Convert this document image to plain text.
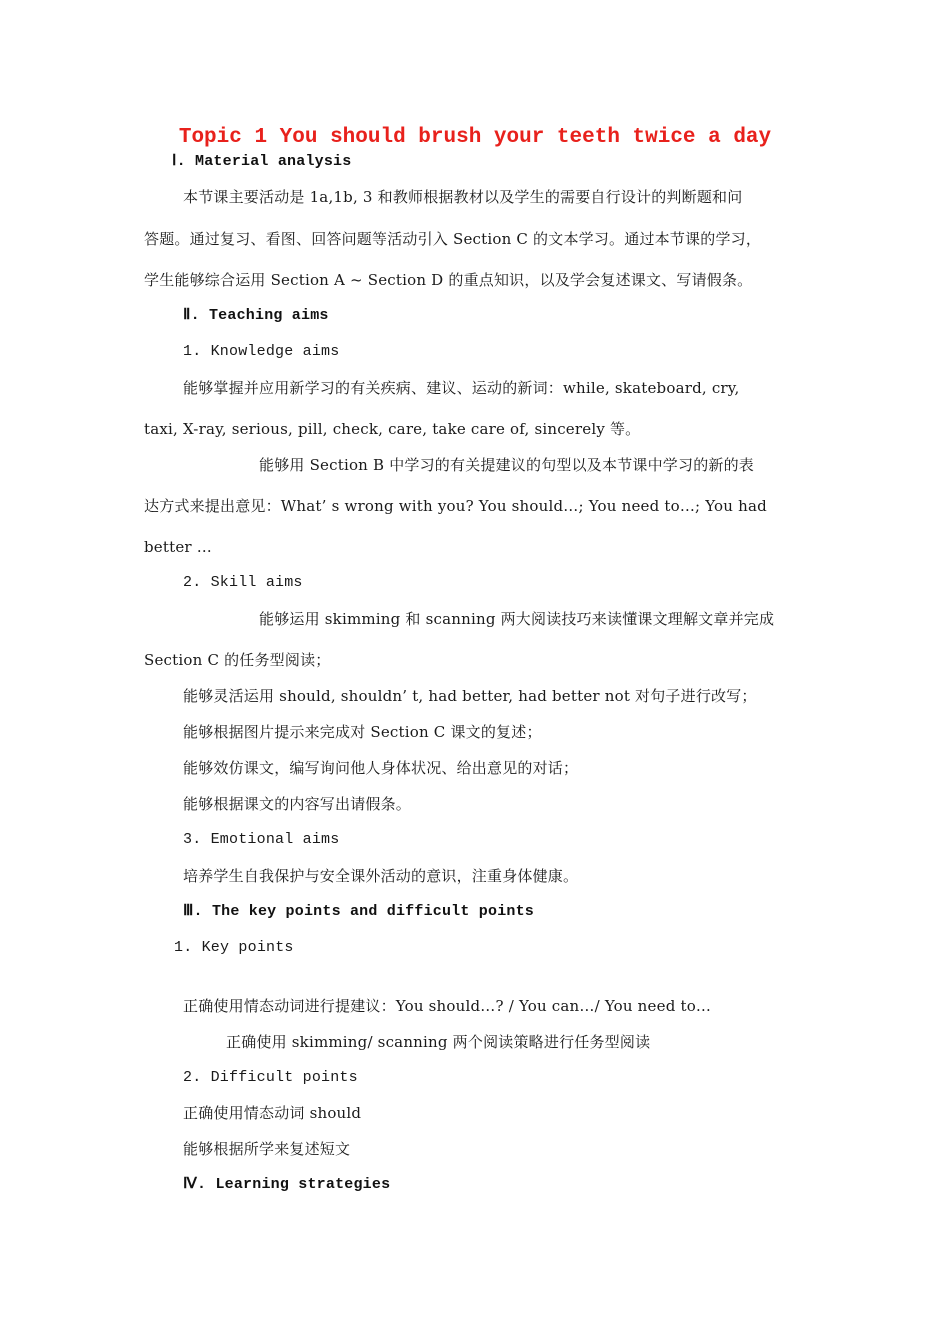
Topic 1 You should brush your teeth twice a day
Ⅰ. Material analysis
本节课主要活动是 1a,1b, 3 和教师根据教材以及学生的需要自行设计的判断题和问
答题。通过复习、看图、回答问题等活动引入 Section C 的文本学习。通过本节课的学习，
学生能够综合运用 Section A ~ Section D 的重点知识，以及学会复述课文、写请假条。
Ⅱ. Teaching aims
1. Knowledge aims
能够掌握并应用新学习的有关疾病、建议、运动的新词：while, skateboard, cry,
taxi, X-ray, serious, pill, check, care, take care of, sincerely 等。
能够用 Section B 中学习的有关提建议的句型以及本节课中学习的新的表
达方式来提出意见：What’ s wrong with you? You should…; You need to…; You had
better …
2. Skill aims
能够运用 skimming 和 scanning 两大阅读技巧来读懂课文理解文章并完成
Section C 的任务型阅读；
能够灵活运用 should, shouldn’ t, had better, had better not 对句子进行改写；
能够根据图片提示来完成对 Section C 课文的复述；
能够效仿课文，编写询问他人身体状况、给出意见的对话；
能够根据课文的内容写出请假条。
3. Emotional aims
培养学生自我保护与安全课外活动的意识，注重身体健康。
Ⅲ. The key points and difficult points
1. Key points
正确使用情态动词进行提建议：You should…? / You can…/ You need to…
正确使用 skimming/ scanning 两个阅读策略进行任务型阅读
2. Difficult points
正确使用情态动词 should
能够根据所学来复述短文
Ⅳ. Learning strategies
